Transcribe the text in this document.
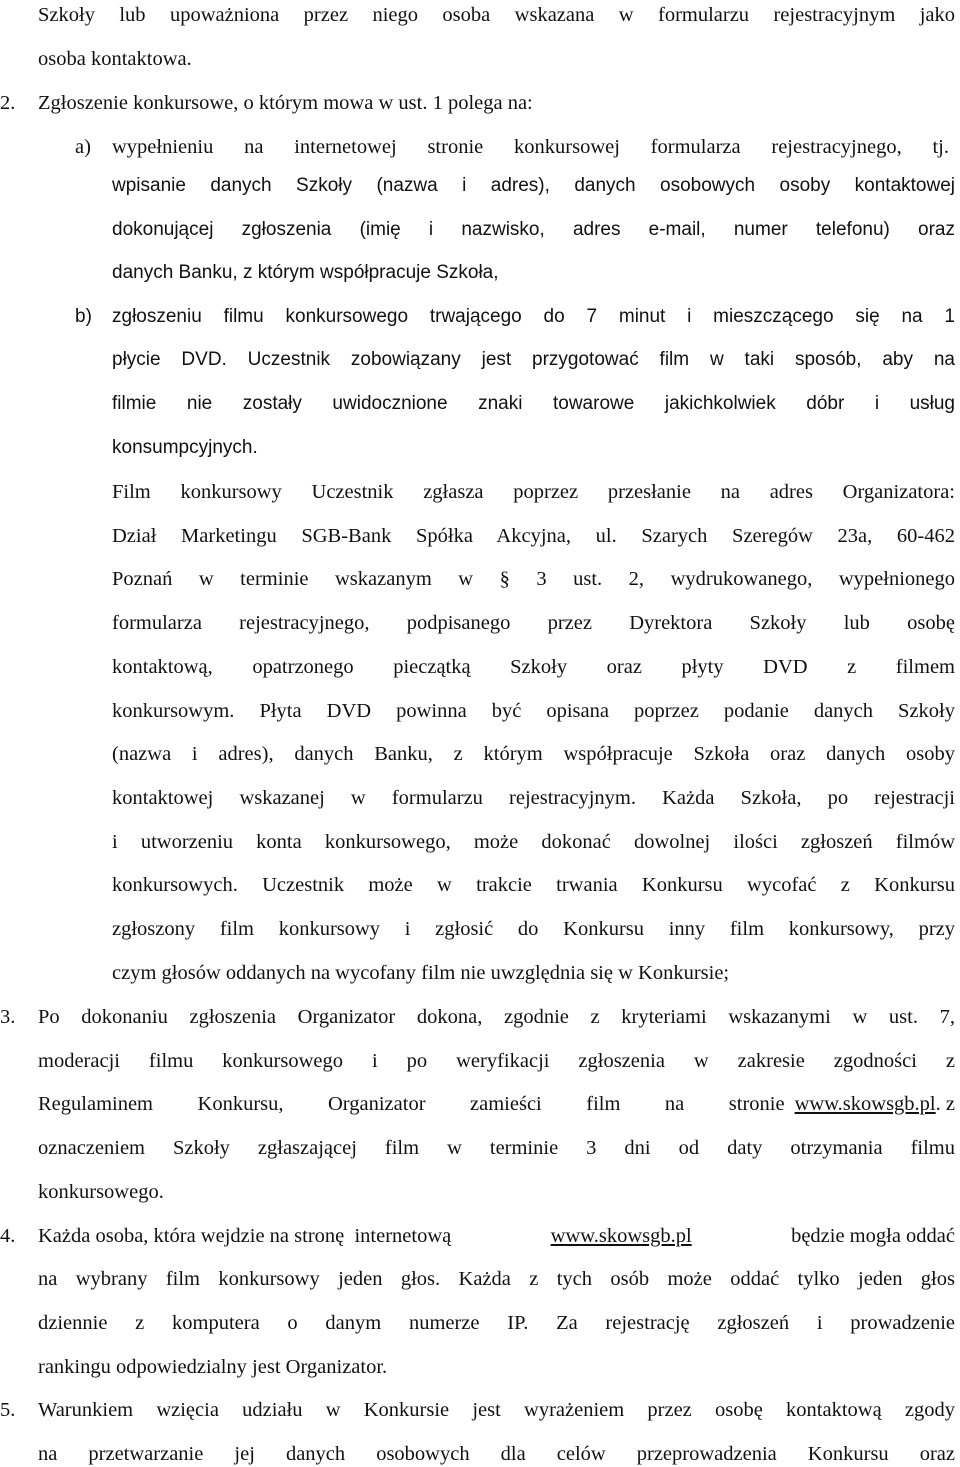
Szkoły lub upoważniona przez niego osoba wskazana w formularzu rejestracyjnym jako
osoba kontaktowa.
2. Zgłoszenie konkursowe, o którym mowa w ust. 1 polega na:
a) wypełnieniu na internetowej stronie konkursowej formularza rejestracyjnego, tj.
wpisanie danych Szkoły (nazwa i adres), danych osobowych osoby kontaktowej
dokonującej zgłoszenia (imię i nazwisko, adres e-mail, numer telefonu) oraz
danych Banku, z którym współpracuje Szkoła,
b) zgłoszeniu filmu konkursowego trwającego do 7 minut i mieszczącego się na 1
płycie DVD. Uczestnik zobowiązany jest przygotować film w taki sposób, aby na
filmie nie zostały uwidocznione znaki towarowe jakichkolwiek dóbr i usług
konsumpcyjnych.
Film konkursowy Uczestnik zgłasza poprzez przesłanie na adres Organizatora:
Dział Marketingu SGB-Bank Spółka Akcyjna, ul. Szarych Szeregów 23a, 60-462
Poznań w terminie wskazanym w § 3 ust. 2, wydrukowanego, wypełnionego
formularza rejestracyjnego, podpisanego przez Dyrektora Szkoły lub osobę
kontaktową, opatrzonego pieczątką Szkoły oraz płyty DVD z filmem
konkursowym. Płyta DVD powinna być opisana poprzez podanie danych Szkoły
(nazwa i adres), danych Banku, z którym współpracuje Szkoła oraz danych osoby
kontaktowej wskazanej w formularzu rejestracyjnym. Każda Szkoła, po rejestracji
i utworzeniu konta konkursowego, może dokonać dowolnej ilości zgłoszeń filmów
konkursowych. Uczestnik może w trakcie trwania Konkursu wycofać z Konkursu
zgłoszony film konkursowy i zgłosić do Konkursu inny film konkursowy, przy
czym głosów oddanych na wycofany film nie uwzględnia się w Konkursie;
3. Po dokonaniu zgłoszenia Organizator dokona, zgodnie z kryteriami wskazanymi w ust. 7,
moderacji filmu konkursowego i po weryfikacji zgłoszenia w zakresie zgodności z
Regulaminem Konkursu, Organizator zamieści film na stronie www.skowsgb.pl . z
oznaczeniem Szkoły zgłaszającej film w terminie 3 dni od daty otrzymania filmu
konkursowego.
4. Każda osoba, która wejdzie na stronę  internetową	www.skowsgb.pl	będzie mogła oddać
na wybrany film konkursowy jeden głos. Każda z tych osób może oddać tylko jeden głos
dziennie z komputera o danym numerze IP. Za rejestrację zgłoszeń i prowadzenie
rankingu odpowiedzialny jest Organizator.
5. Warunkiem wzięcia udziału w Konkursie jest wyrażeniem przez osobę kontaktową zgody
na przetwarzanie jej danych osobowych dla celów przeprowadzenia Konkursu oraz
